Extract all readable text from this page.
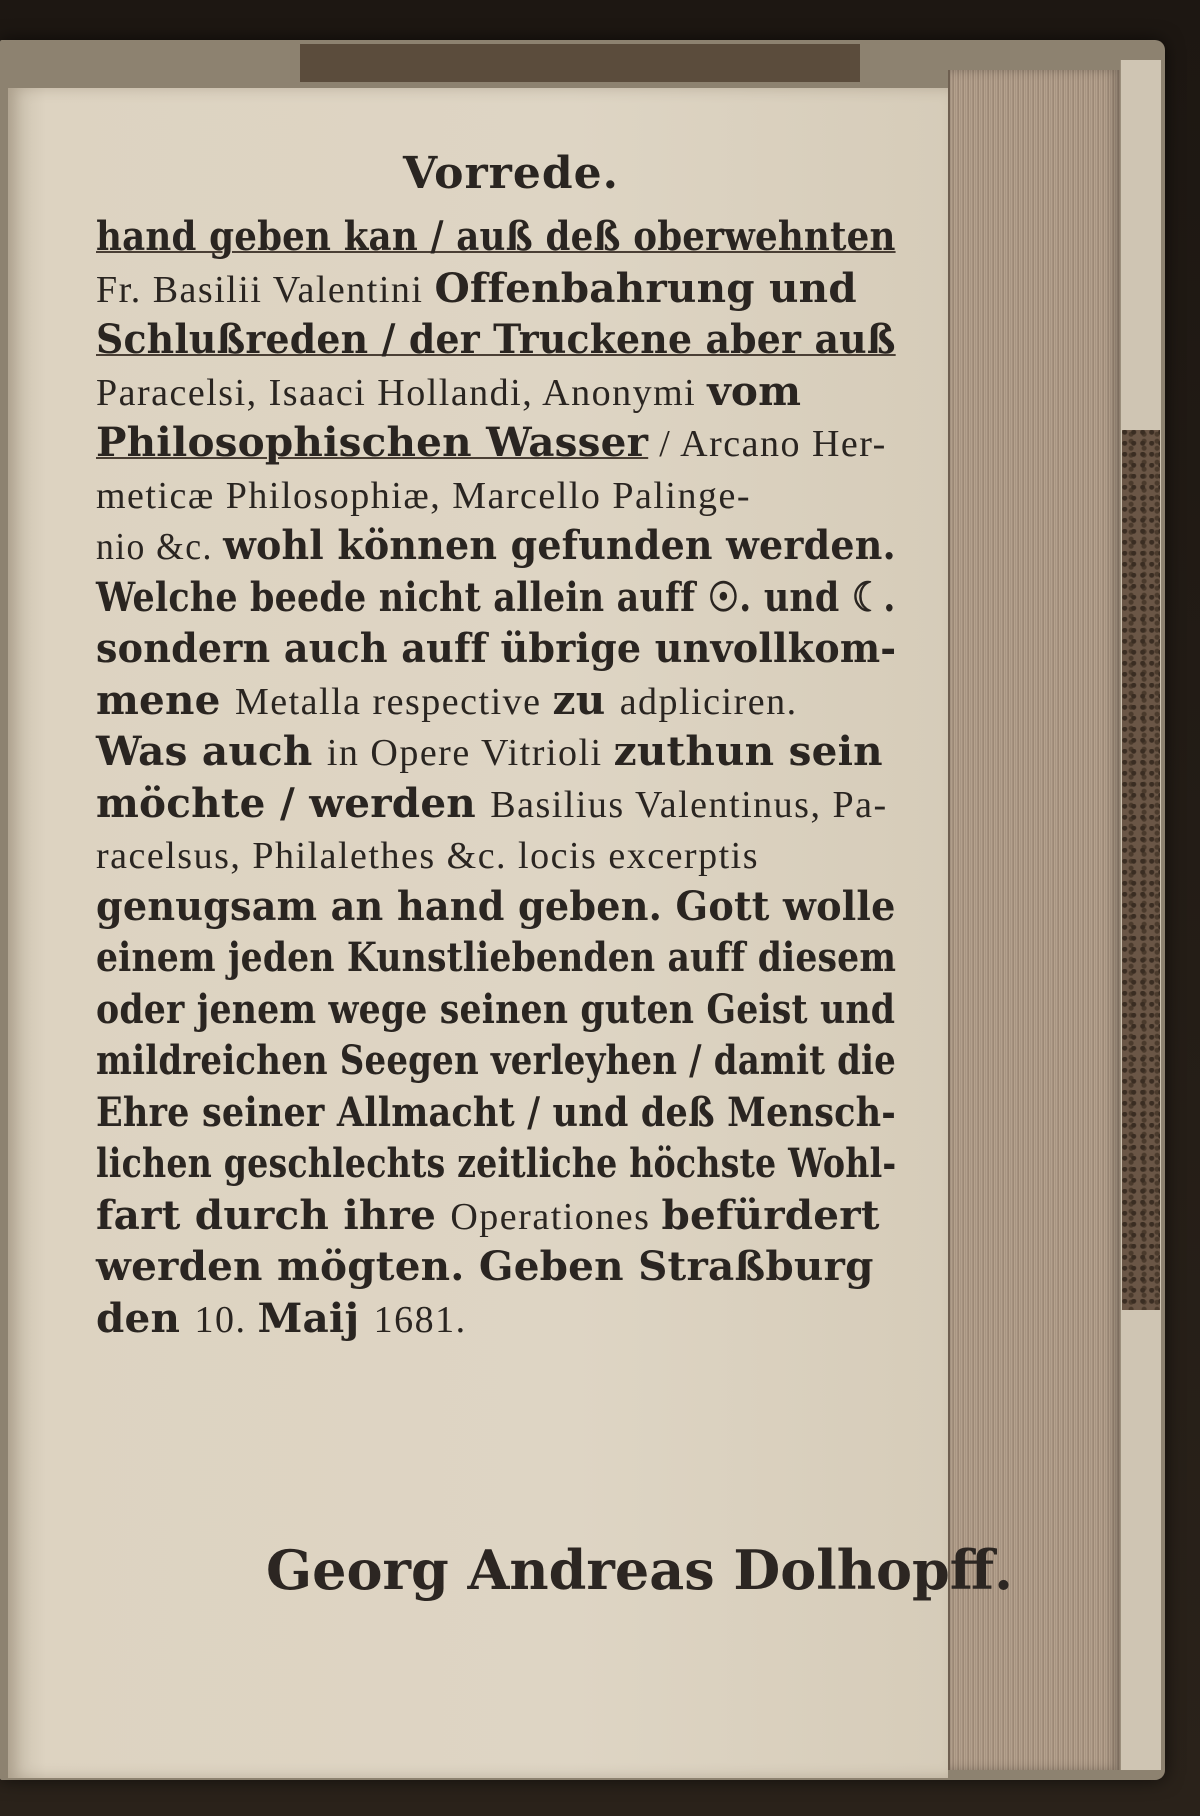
Vorrede.
hand geben kan / auß deß oberwehnten
Fr. Basilii Valentini Offenbahrung und
Schlußreden / der Truckene aber auß
Paracelsi, Isaaci Hollandi, Anonymi vom
Philosophischen Wasser / Arcano Her-
meticæ Philosophiæ, Marcello Palinge-
nio &c. wohl können gefunden werden.
Welche beede nicht allein auff ☉. und ☾.
sondern auch auff übrige unvollkom-
mene Metalla respective zu adpliciren.
Was auch in Opere Vitrioli zuthun sein
möchte / werden Basilius Valentinus, Pa-
racelsus, Philalethes &c. locis excerptis
genugsam an hand geben. Gott wolle
einem jeden Kunstliebenden auff diesem
oder jenem wege seinen guten Geist und
mildreichen Seegen verleyhen / damit die
Ehre seiner Allmacht / und deß Mensch-
lichen geschlechts zeitliche höchste Wohl-
fart durch ihre Operationes befürdert
werden mögten. Geben Straßburg
den 10. Maij 1681.
Georg Andreas Dolhopff.
